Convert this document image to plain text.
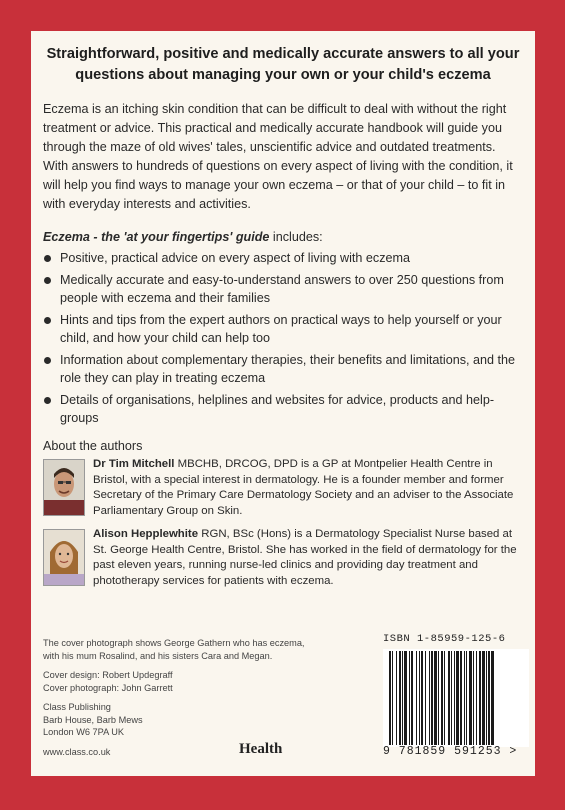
Straightforward, positive and medically accurate answers to all your questions about managing your own or your child's eczema

Eczema is an itching skin condition that can be difficult to deal with without the right treatment or advice. This practical and medically accurate handbook will guide you through the maze of old wives' tales, unscientific advice and outdated treatments. With answers to hundreds of questions on every aspect of living with the condition, it will help you find ways to manage your own eczema – or that of your child – to fit in with everyday interests and activities.

Eczema - the 'at your fingertips' guide includes:

Positive, practical advice on every aspect of living with eczema
Medically accurate and easy-to-understand answers to over 250 questions from people with eczema and their families
Hints and tips from the expert authors on practical ways to help yourself or your child, and how your child can help too
Information about complementary therapies, their benefits and limitations, and the role they can play in treating eczema
Details of organisations, helplines and websites for advice, products and help-groups

About the authors

Dr Tim Mitchell MBCHB, DRCOG, DPD is a GP at Montpelier Health Centre in Bristol, with a special interest in dermatology. He is a founder member and former Secretary of the Primary Care Dermatology Society and an adviser to the Associate Parliamentary Group on Skin.
Alison Hepplewhite RGN, BSc (Hons) is a Dermatology Specialist Nurse based at St. George Health Centre, Bristol. She has worked in the field of dermatology for the past eleven years, running nurse-led clinics and providing day treatment and phototherapy services for patients with eczema.

The cover photograph shows George Gathern who has eczema,
with his mum Rosalind, and his sisters Cara and Megan.

Cover design: Robert Updegraff
Cover photograph: John Garrett

Class Publishing
Barb House, Barb Mews
London W6 7PA UK

www.class.co.uk	Health
ISBN 1-85959-125-6
9 781859 591253 >
